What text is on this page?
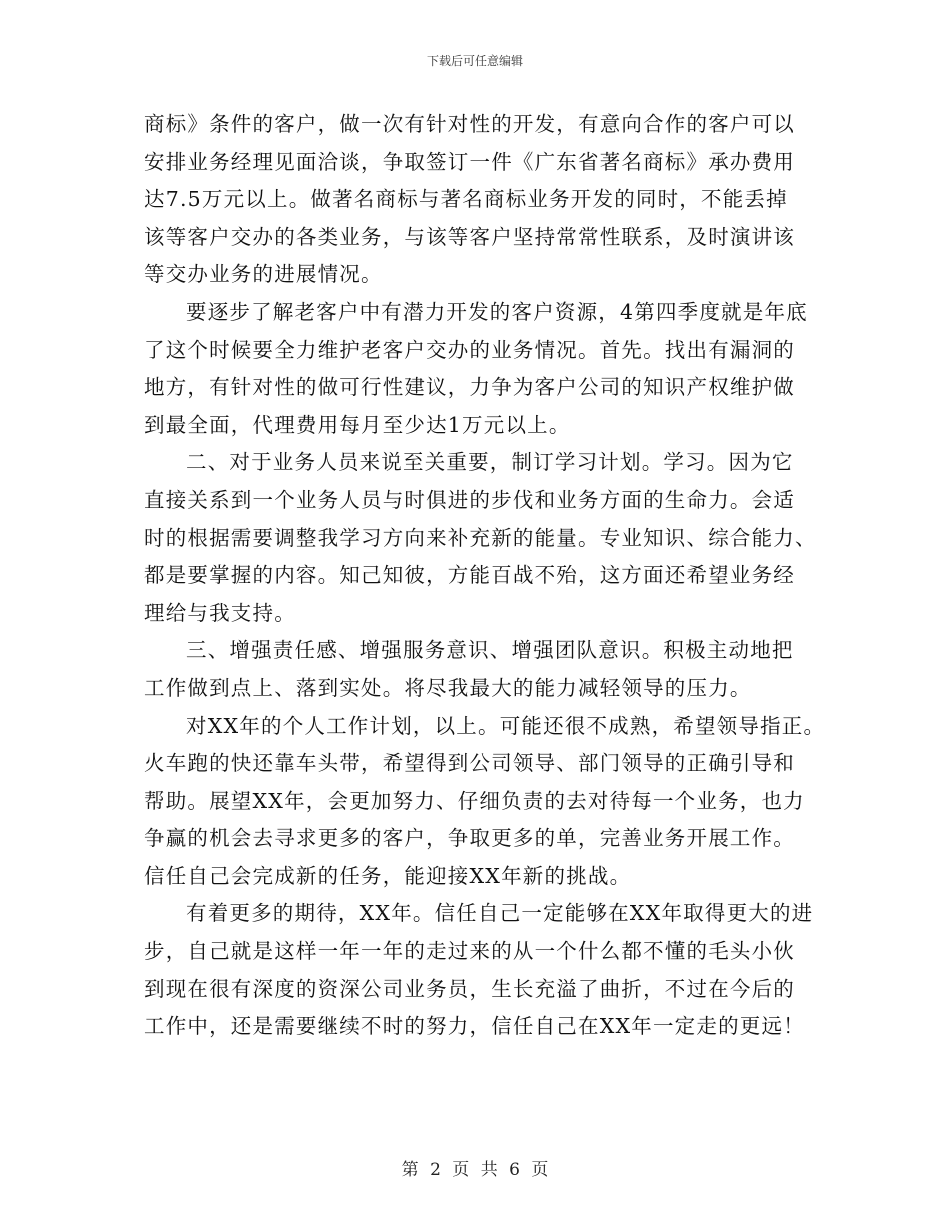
下载后可任意编辑
商标》条件的客户，做一次有针对性的开发，有意向合作的客户可以
安排业务经理见面洽谈，争取签订一件《广东省著名商标》承办费用
达7.5万元以上。做著名商标与著名商标业务开发的同时，不能丢掉
该等客户交办的各类业务，与该等客户坚持常常性联系，及时演讲该
等交办业务的进展情况。
要逐步了解老客户中有潜力开发的客户资源，4第四季度就是年底
了这个时候要全力维护老客户交办的业务情况。首先。找出有漏洞的
地方，有针对性的做可行性建议，力争为客户公司的知识产权维护做
到最全面，代理费用每月至少达1万元以上。
二、对于业务人员来说至关重要，制订学习计划。学习。因为它
直接关系到一个业务人员与时俱进的步伐和业务方面的生命力。会适
时的根据需要调整我学习方向来补充新的能量。专业知识、综合能力、
都是要掌握的内容。知己知彼，方能百战不殆，这方面还希望业务经
理给与我支持。
三、增强责任感、增强服务意识、增强团队意识。积极主动地把
工作做到点上、落到实处。将尽我最大的能力减轻领导的压力。
对XX年的个人工作计划，以上。可能还很不成熟，希望领导指正。
火车跑的快还靠车头带，希望得到公司领导、部门领导的正确引导和
帮助。展望XX年，会更加努力、仔细负责的去对待每一个业务，也力
争赢的机会去寻求更多的客户，争取更多的单，完善业务开展工作。
信任自己会完成新的任务，能迎接XX年新的挑战。
有着更多的期待，XX年。信任自己一定能够在XX年取得更大的进
步，自己就是这样一年一年的走过来的从一个什么都不懂的毛头小伙
到现在很有深度的资深公司业务员，生长充溢了曲折，不过在今后的
工作中，还是需要继续不时的努力，信任自己在XX年一定走的更远！
第 2 页 共 6 页
